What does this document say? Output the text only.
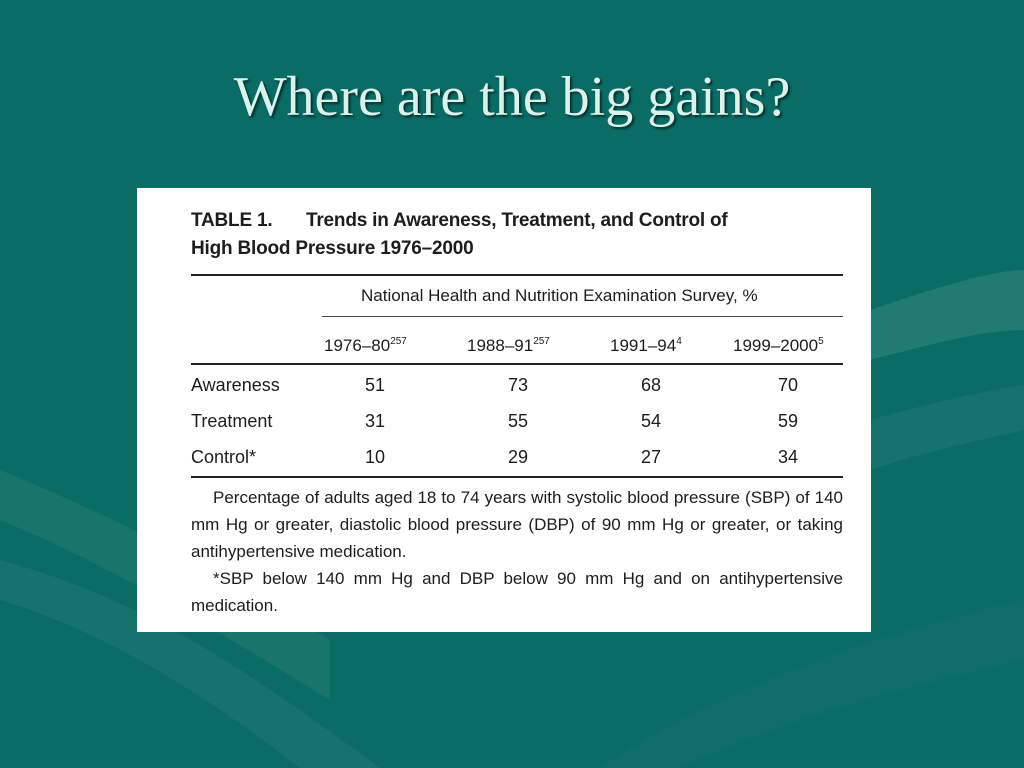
Where are the big gains?
TABLE 1. Trends in Awareness, Treatment, and Control of
High Blood Pressure 1976–2000
National Health and Nutrition Examination Survey, %
$1976-80^{257}$	$1988-91^{257}$	$1991-94^4$	1999–2000$^5$
Awareness	51	73	68	70
Treatment	31	55	54	59
Control*	10	29	27	34

Percentage of adults aged 18 to 74 years with systolic blood pressure (SBP) of 140 mm Hg or greater, diastolic blood pressure (DBP) of 90 mm Hg or greater, or taking antihypertensive medication.

*SBP below 140 mm Hg and DBP below 90 mm Hg and on antihypertensive medication.
